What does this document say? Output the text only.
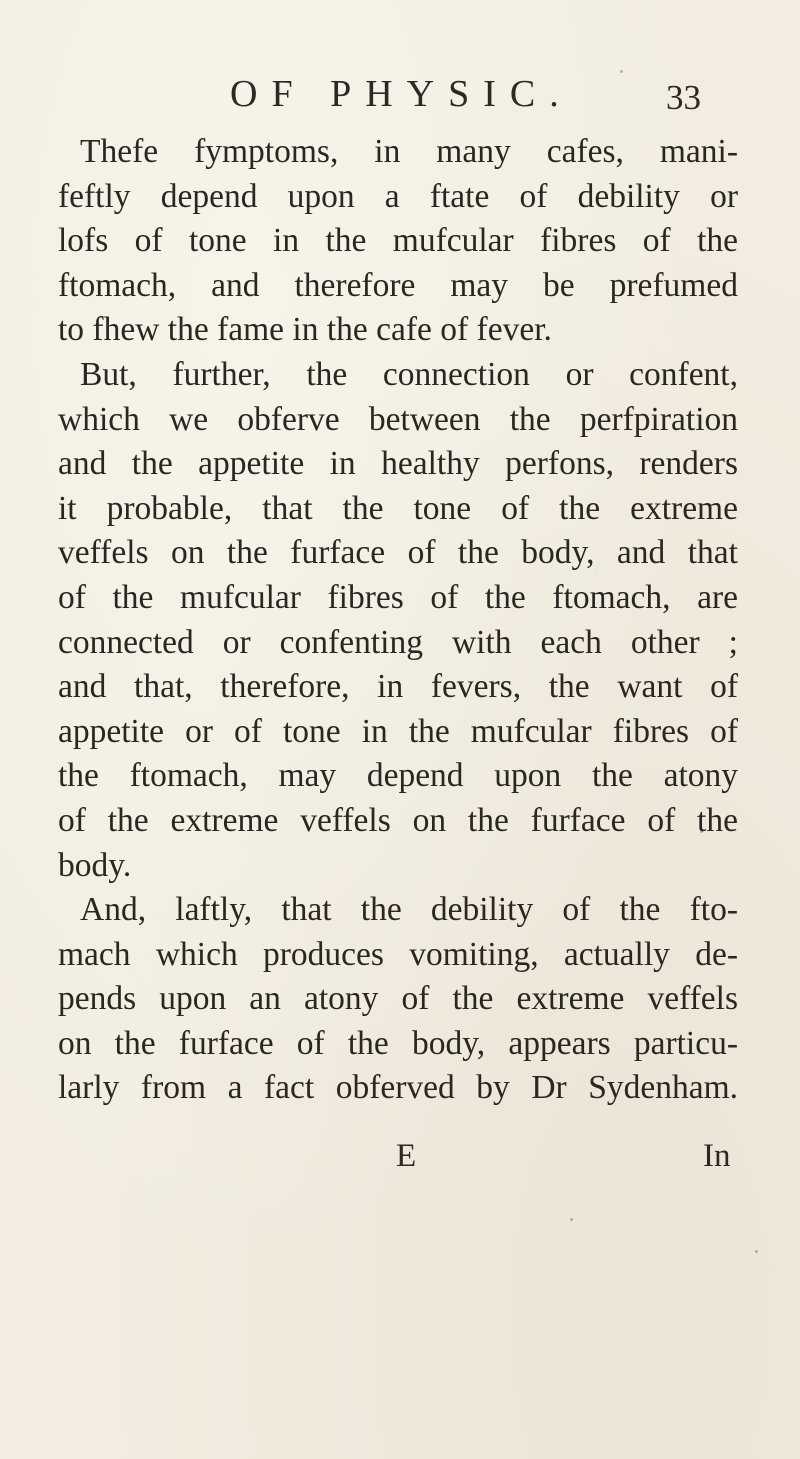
OF PHYSIC.	33
Thefe fymptoms, in many cafes, mani-
feftly depend upon a ftate of debility or
lofs of tone in the mufcular fibres of the
ftomach, and therefore may be prefumed
to fhew the fame in the cafe of fever.
But, further, the connection or confent,
which we obferve between the perfpiration
and the appetite in healthy perfons, renders
it probable, that the tone of the extreme
veffels on the furface of the body, and that
of the mufcular fibres of the ftomach, are
connected or confenting with each other ;
and that, therefore, in fevers, the want of
appetite or of tone in the mufcular fibres of
the ftomach, may depend upon the atony
of the extreme veffels on the furface of the
body.
And, laftly, that the debility of the fto-
mach which produces vomiting, actually de-
pends upon an atony of the extreme veffels
on the furface of the body, appears particu-
larly from a fact obferved by Dr Sydenham.
E	In
